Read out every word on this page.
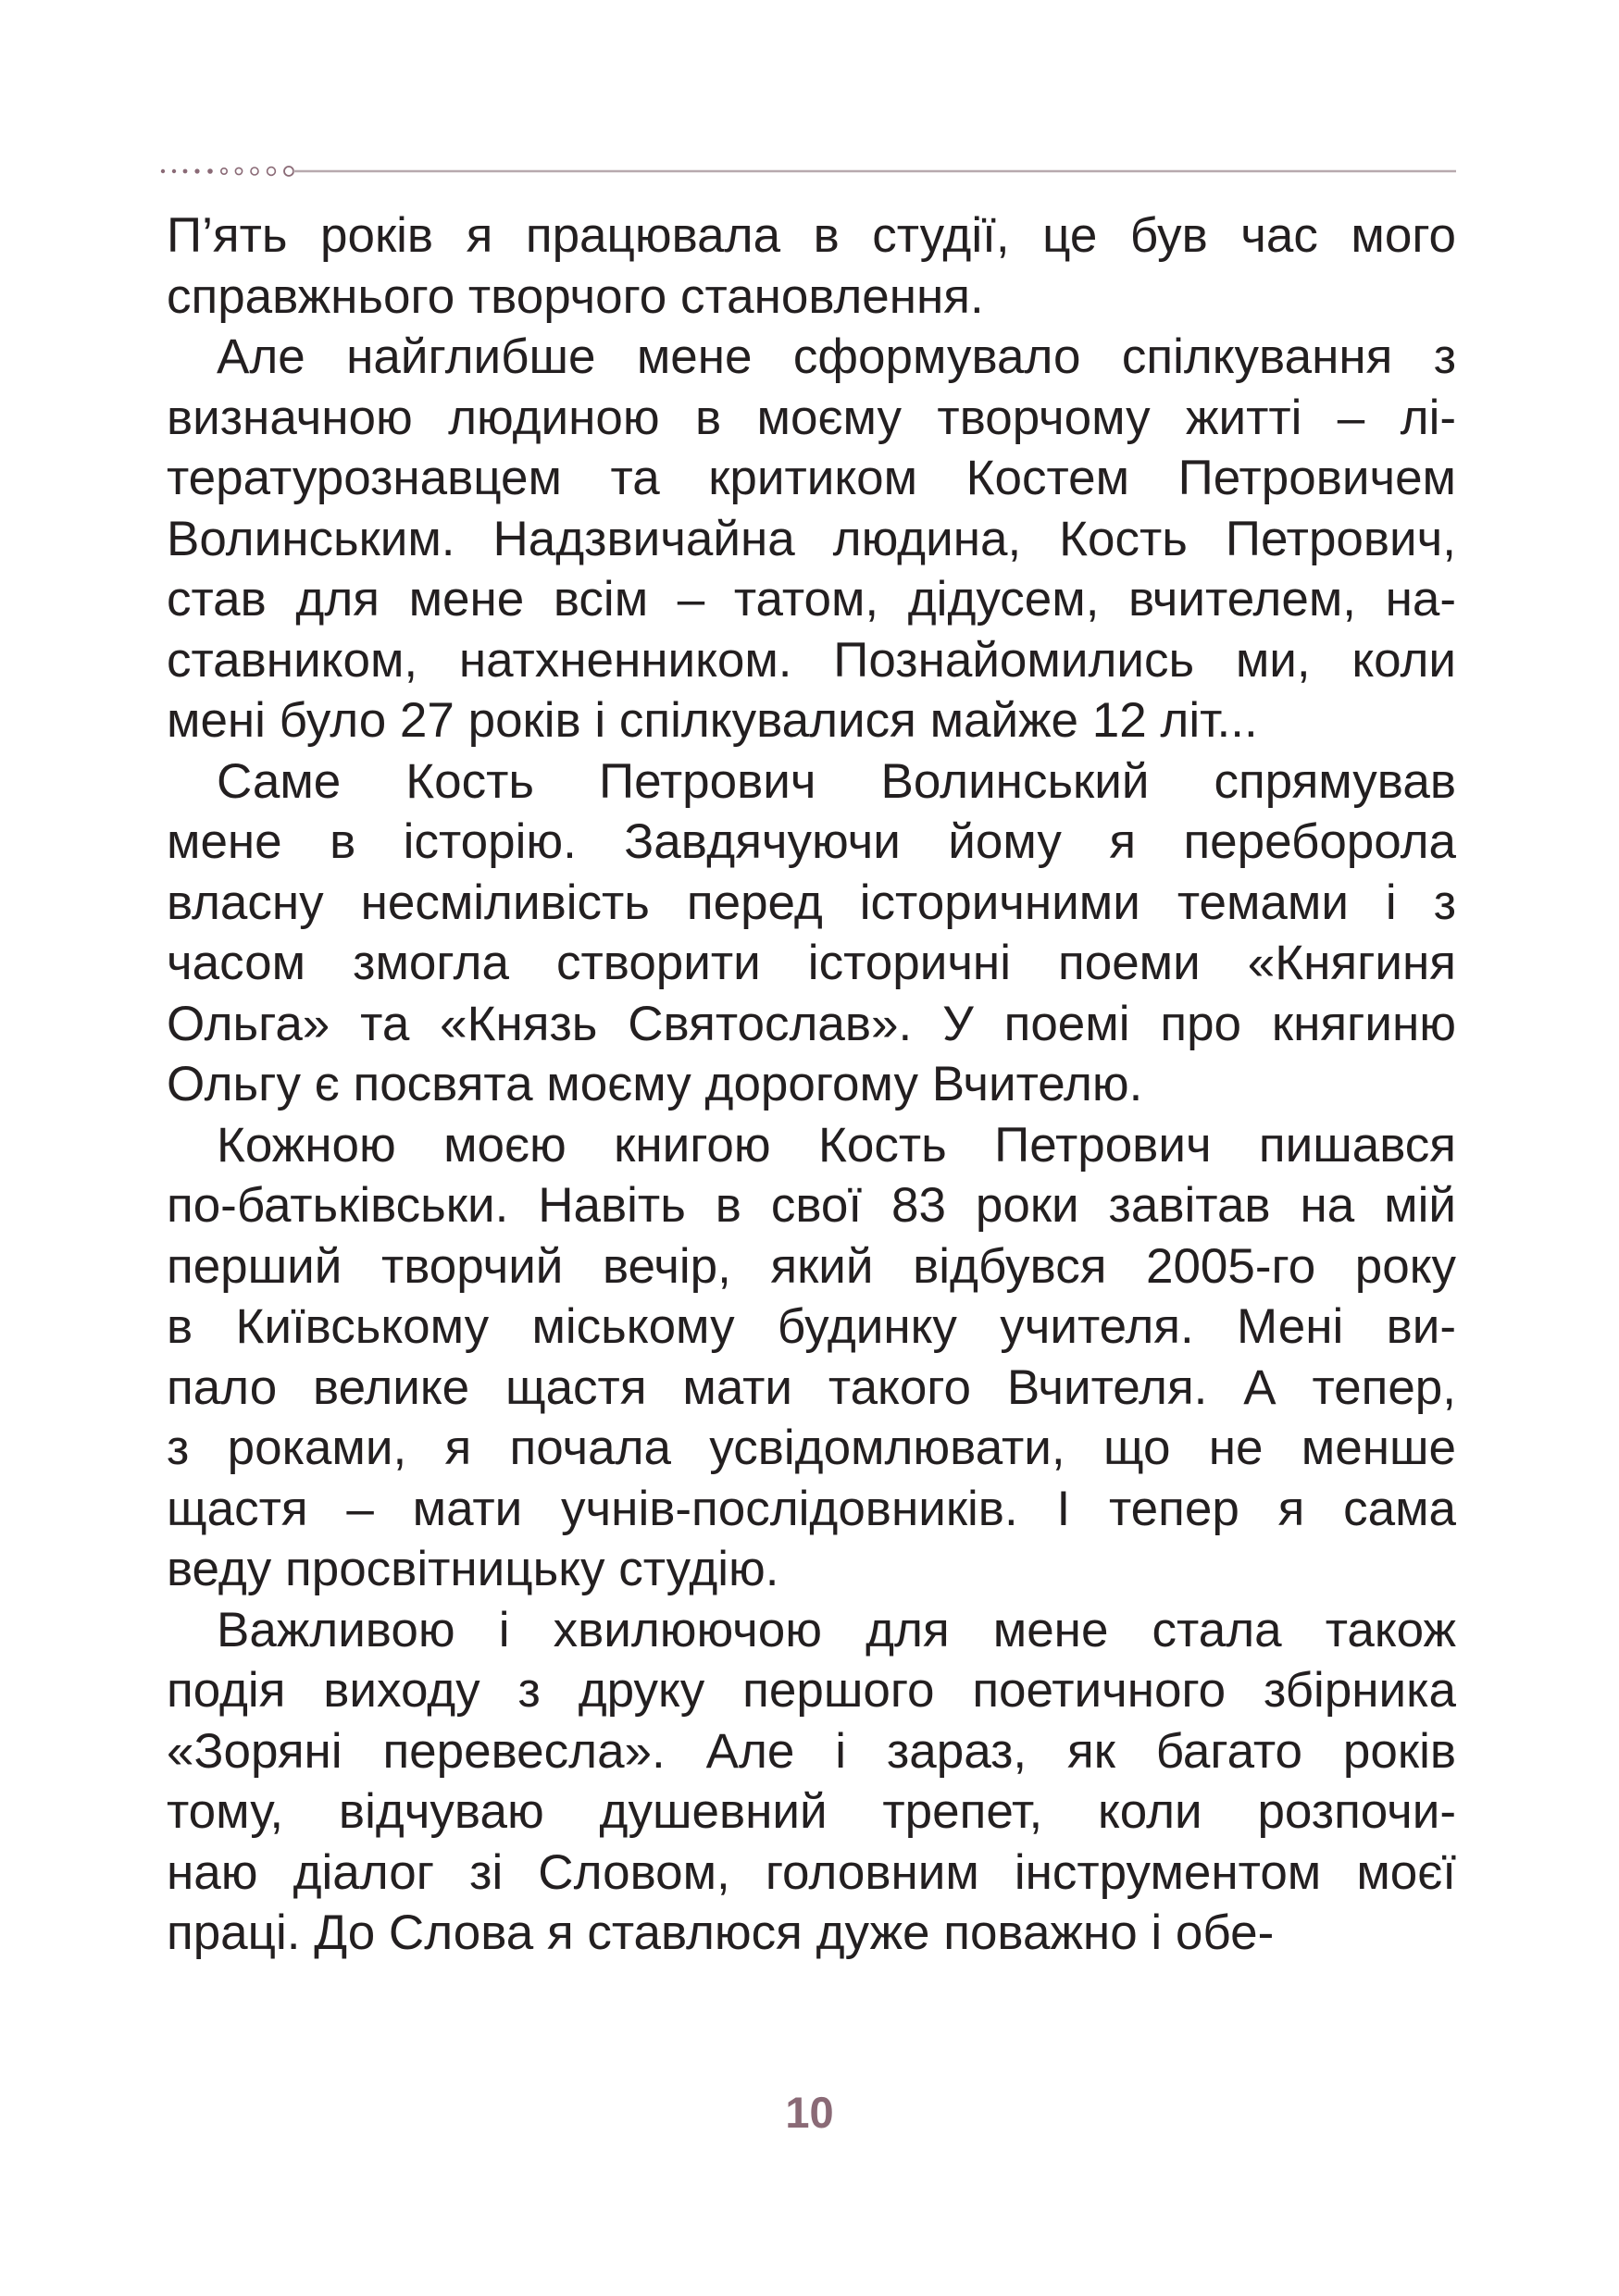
П’ять років я працювала в студії, це був час мого
справжнього творчого становлення.
Але найглибше мене сформувало спілкування з
визначною людиною в моєму творчому житті – лі-
тературознавцем та критиком Костем Петровичем
Волинським. Надзвичайна людина, Кость Петрович,
став для мене всім – татом, дідусем, вчителем, на-
ставником, натхненником. Познайомились ми, коли
мені було 27 років і спілкувалися майже 12 літ...
Саме Кость Петрович Волинський спрямував
мене в історію. Завдячуючи йому я переборола
власну несміливість перед історичними темами і з
часом змогла створити історичні поеми «Княгиня
Ольга» та «Князь Святослав». У поемі про княгиню
Ольгу є посвята моєму дорогому Вчителю.
Кожною моєю книгою Кость Петрович пишався
по-батьківськи. Навіть в свої 83 роки завітав на мій
перший творчий вечір, який відбувся 2005-го року
в Київському міському будинку учителя. Мені ви-
пало велике щастя мати такого Вчителя. А тепер,
з роками, я почала усвідомлювати, що не менше
щастя – мати учнів-послідовників. І тепер я сама
веду просвітницьку студію.
Важливою і хвилюючою для мене стала також
подія виходу з друку першого поетичного збірника
«Зоряні перевесла». Але і зараз, як багато років
тому, відчуваю душевний трепет, коли розпочи-
наю діалог зі Словом, головним інструментом моєї
праці. До Слова я ставлюся дуже поважно і обе-
10
